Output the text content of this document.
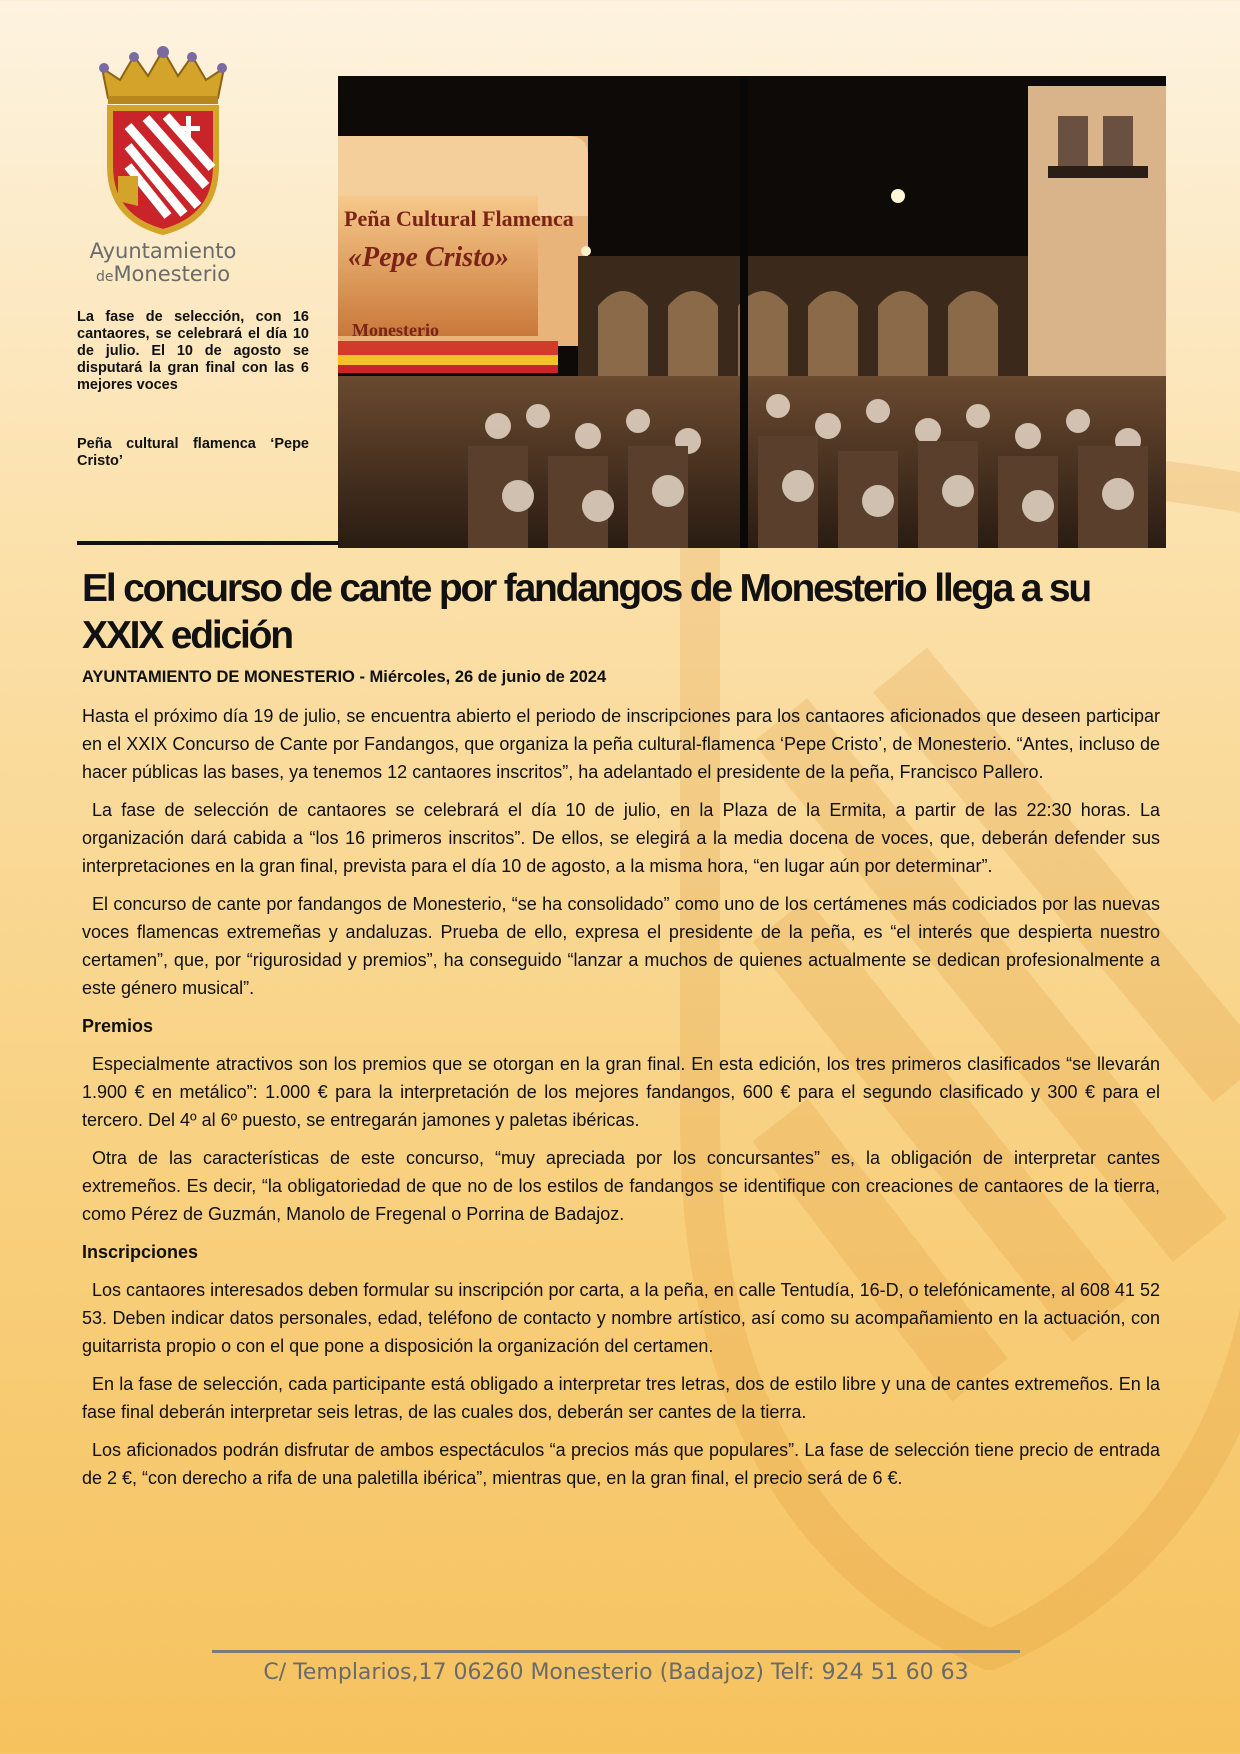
Ayuntamiento
deMonesterio
La fase de selección, con 16 cantaores, se celebrará el día 10 de julio. El 10 de agosto se disputará la gran final con las 6 mejores voces
Peña cultural flamenca ‘Pepe Cristo’
Peña Cultural Flamenca
«Pepe Cristo»
Monesterio
El concurso de cante por fandangos de Monesterio llega a su XXIX edición
AYUNTAMIENTO DE MONESTERIO - Miércoles, 26 de junio de 2024

Hasta el próximo día 19 de julio, se encuentra abierto el periodo de inscripciones para los cantaores aficionados que deseen participar en el XXIX Concurso de Cante por Fandangos, que organiza la peña cultural-flamenca ‘Pepe Cristo’, de Monesterio. “Antes, incluso de hacer públicas las bases, ya tenemos 12 cantaores inscritos”, ha adelantado el presidente de la peña, Francisco Pallero.

La fase de selección de cantaores se celebrará el día 10 de julio, en la Plaza de la Ermita, a partir de las 22:30 horas. La organización dará cabida a “los 16 primeros inscritos”. De ellos, se elegirá a la media docena de voces, que, deberán defender sus interpretaciones en la gran final, prevista para el día 10 de agosto, a la misma hora, “en lugar aún por determinar”.

El concurso de cante por fandangos de Monesterio, “se ha consolidado” como uno de los certámenes más codiciados por las nuevas voces flamencas extremeñas y andaluzas. Prueba de ello, expresa el presidente de la peña, es “el interés que despierta nuestro certamen”, que, por “rigurosidad y premios”, ha conseguido “lanzar a muchos de quienes actualmente se dedican profesionalmente a este género musical”.

Premios

Especialmente atractivos son los premios que se otorgan en la gran final. En esta edición, los tres primeros clasificados “se llevarán 1.900 € en metálico”: 1.000 € para la interpretación de los mejores fandangos, 600 € para el segundo clasificado y 300 € para el tercero. Del 4º al 6º puesto, se entregarán jamones y paletas ibéricas.

Otra de las características de este concurso, “muy apreciada por los concursantes” es, la obligación de interpretar cantes extremeños. Es decir, “la obligatoriedad de que no de los estilos de fandangos se identifique con creaciones de cantaores de la tierra, como Pérez de Guzmán, Manolo de Fregenal o Porrina de Badajoz.

Inscripciones

Los cantaores interesados deben formular su inscripción por carta, a la peña, en calle Tentudía, 16-D, o telefónicamente, al 608 41 52 53. Deben indicar datos personales, edad, teléfono de contacto y nombre artístico, así como su acompañamiento en la actuación, con guitarrista propio o con el que pone a disposición la organización del certamen.

En la fase de selección, cada participante está obligado a interpretar tres letras, dos de estilo libre y una de cantes extremeños. En la fase final deberán interpretar seis letras, de las cuales dos, deberán ser cantes de la tierra.

Los aficionados podrán disfrutar de ambos espectáculos “a precios más que populares”. La fase de selección tiene precio de entrada de 2 €, “con derecho a rifa de una paletilla ibérica”, mientras que, en la gran final, el precio será de 6 €.

C/ Templarios,17 06260 Monesterio (Badajoz) Telf: 924 51 60 63
